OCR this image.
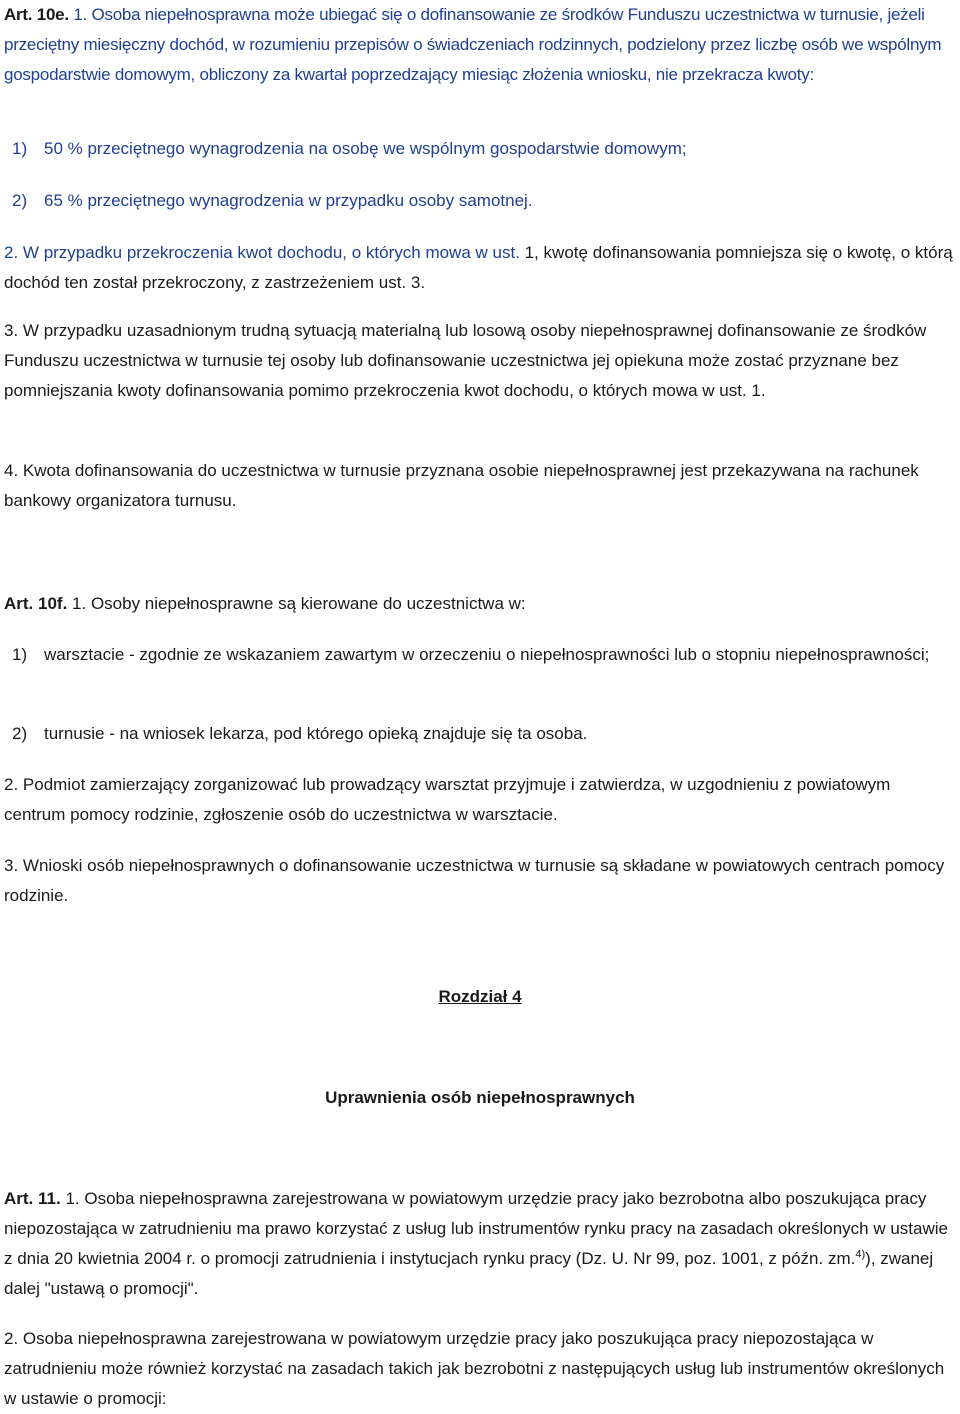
Art. 10e. 1. Osoba niepełnosprawna może ubiegać się o dofinansowanie ze środków Funduszu uczestnictwa w turnusie, jeżeli przeciętny miesięczny dochód, w rozumieniu przepisów o świadczeniach rodzinnych, podzielony przez liczbę osób we wspólnym gospodarstwie domowym, obliczony za kwartał poprzedzający miesiąc złożenia wniosku, nie przekracza kwoty:

1) 50 % przeciętnego wynagrodzenia na osobę we wspólnym gospodarstwie domowym;

2) 65 % przeciętnego wynagrodzenia w przypadku osoby samotnej.

2. W przypadku przekroczenia kwot dochodu, o których mowa w ust. 1, kwotę dofinansowania pomniejsza się o kwotę, o którą dochód ten został przekroczony, z zastrzeżeniem ust. 3.

3. W przypadku uzasadnionym trudną sytuacją materialną lub losową osoby niepełnosprawnej dofinansowanie ze środków Funduszu uczestnictwa w turnusie tej osoby lub dofinansowanie uczestnictwa jej opiekuna może zostać przyznane bez pomniejszania kwoty dofinansowania pomimo przekroczenia kwot dochodu, o których mowa w ust. 1.

4. Kwota dofinansowania do uczestnictwa w turnusie przyznana osobie niepełnosprawnej jest przekazywana na rachunek bankowy organizatora turnusu.

Art. 10f. 1. Osoby niepełnosprawne są kierowane do uczestnictwa w:

1) warsztacie - zgodnie ze wskazaniem zawartym w orzeczeniu o niepełnosprawności lub o stopniu niepełnosprawności;

2) turnusie - na wniosek lekarza, pod którego opieką znajduje się ta osoba.

2. Podmiot zamierzający zorganizować lub prowadzący warsztat przyjmuje i zatwierdza, w uzgodnieniu z powiatowym centrum pomocy rodzinie, zgłoszenie osób do uczestnictwa w warsztacie.

3. Wnioski osób niepełnosprawnych o dofinansowanie uczestnictwa w turnusie są składane w powiatowych centrach pomocy rodzinie.

Rozdział 4

Uprawnienia osób niepełnosprawnych

Art. 11. 1. Osoba niepełnosprawna zarejestrowana w powiatowym urzędzie pracy jako bezrobotna albo poszukująca pracy niepozostająca w zatrudnieniu ma prawo korzystać z usług lub instrumentów rynku pracy na zasadach określonych w ustawie z dnia 20 kwietnia 2004 r. o promocji zatrudnienia i instytucjach rynku pracy (Dz. U. Nr 99, poz. 1001, z późn. zm.$^{4)}$), zwanej dalej "ustawą o promocji".

2. Osoba niepełnosprawna zarejestrowana w powiatowym urzędzie pracy jako poszukująca pracy niepozostająca w zatrudnieniu może również korzystać na zasadach takich jak bezrobotni z następujących usług lub instrumentów określonych w ustawie o promocji:
